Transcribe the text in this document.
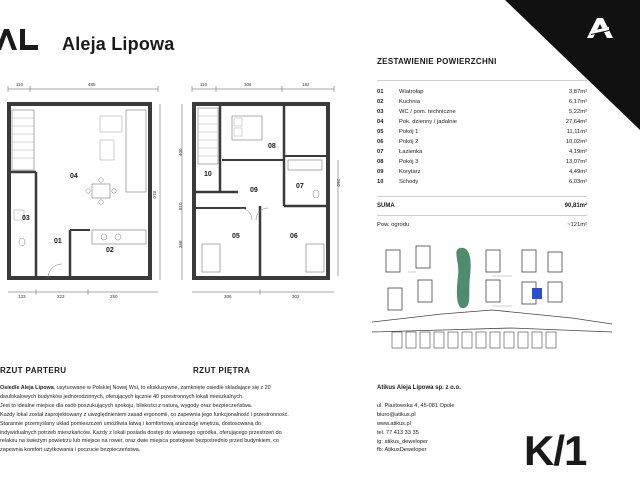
Aleja Lipowa
110	485
810
04
03
01
02
133	223	250
RZUT PARTERU
110	306	182
400
810
358
250
10
08
09
07
05	06
306	302
RZUT PIĘTRA
ZESTAWIENIE POWIERZCHNI
01	Wiatrołap	3,87m²
02	Kuchnia	6,17m²
03	WC / pom. techniczne	5,22m²
04	Pok. dzienny / jadalnie	27,64m²
05	Pokój 1	11,11m²
06	Pokój 2	10,02m²
07	Łazienka	4,19m²
08	Pokój 3	13,07m²
09	Korytarz	4,49m²
10	Schody	6,03m²
SUMA	90,81m²
Pow. ogrodu	~121m²
Osiedle Aleja Lipowa, usytuowane w Polskiej Nowej Wsi, to ekskluzywne, zamknięte osiedle składające się z 20
dwulokalowych budynków jednorodzinnych, oferujących łącznie 40 przestronnych lokali mieszkalnych.
Jest to idealne miejsce dla osób poszukujących spokoju, bliskości z naturą, wygody oraz bezpieczeństwa.
Każdy lokal został zaprojektowany z uwzględnieniem zasad ergonomii, co zapewnia jego funkcjonalność i przestronność.
Starannie przemyślany układ pomieszczeń umożliwia łatwą i komfortową aranżację wnętrza, dostosowaną do
indywidualnych potrzeb mieszkańców. Każdy z lokali posiada dostęp do własnego ogródka, oferującego przestrzeń do
relaksu na świeżym powietrzu lub miejsce na rower, oraz dwie miejsca postojowe bezpośrednio przed budynkiem, co
zapewnia komfort użytkowania i poczucie bezpieczeństwa.
Atikus Aleja Lipowa sp. z o.o.
ul. Piastowska 4, 45-081 Opole
biuro@atikus.pl
www.atikus.pl
tel. 77 413 33 35
ig: atikus_deweloper
fb: AtikusDeweloper	K/1
